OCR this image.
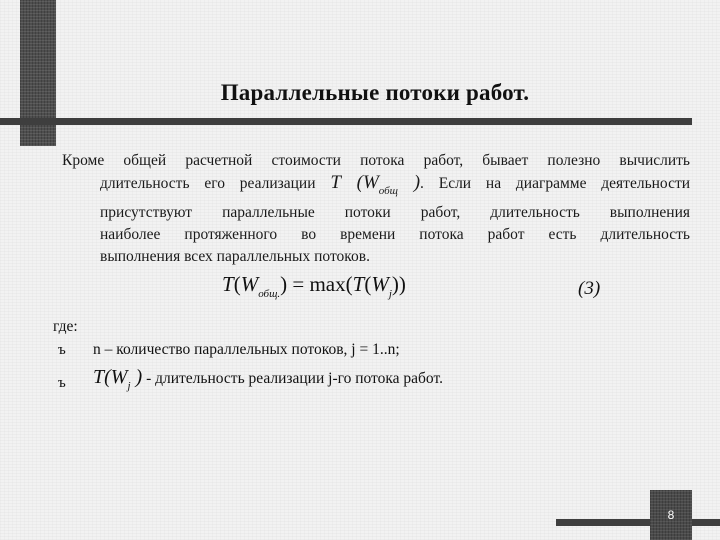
Параллельные потоки работ.
Кроме общей расчетной стоимости потока работ, бывает полезно вычислить
длительность его реализации T ($W_{общ}$ ). Если на диаграмме деятельности
присутствуют параллельные потоки работ, длительность выполнения
наиболее протяженного во времени потока работ есть длительность
выполнения всех параллельных потоков.
$T(W_{общ.}) = \max(T(W_j))$	(3)
где:
ъ n – количество параллельных потоков, j = 1..n;
ъ $T(W_j$ ) - длительность реализации j-го потока работ.
8
